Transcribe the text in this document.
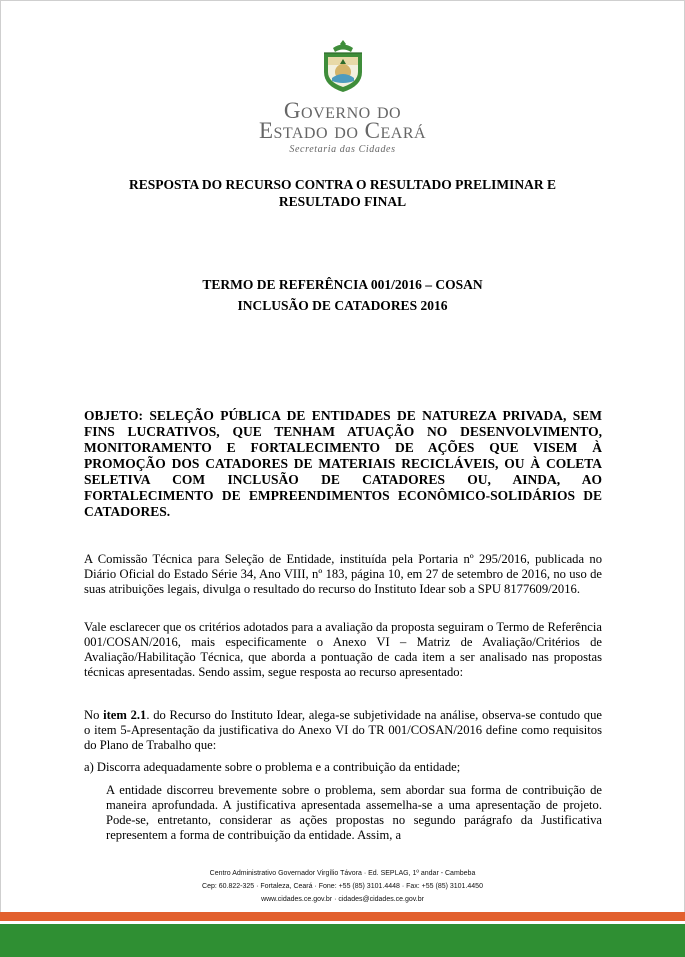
Governo do
Estado do Ceará
Secretaria das Cidades
RESPOSTA DO RECURSO CONTRA O RESULTADO PRELIMINAR E
RESULTADO FINAL
TERMO DE REFERÊNCIA 001/2016 – COSAN
INCLUSÃO DE CATADORES 2016
OBJETO: SELEÇÃO PÚBLICA DE ENTIDADES DE NATUREZA PRIVADA, SEM FINS LUCRATIVOS, QUE TENHAM ATUAÇÃO NO DESENVOLVIMENTO, MONITORAMENTO E FORTALECIMENTO DE AÇÕES QUE VISEM À PROMOÇÃO DOS CATADORES DE MATERIAIS RECICLÁVEIS, OU À COLETA SELETIVA COM INCLUSÃO DE CATADORES OU, AINDA, AO FORTALECIMENTO DE EMPREENDIMENTOS ECONÔMICO-SOLIDÁRIOS DE CATADORES.
A Comissão Técnica para Seleção de Entidade, instituída pela Portaria nº 295/2016, publicada no Diário Oficial do Estado Série 34, Ano VIII, nº 183, página 10, em 27 de setembro de 2016, no uso de suas atribuições legais, divulga o resultado do recurso do Instituto Idear sob a SPU 8177609/2016.
Vale esclarecer que os critérios adotados para a avaliação da proposta seguiram o Termo de Referência 001/COSAN/2016, mais especificamente o Anexo VI – Matriz de Avaliação/Critérios de Avaliação/Habilitação Técnica, que aborda a pontuação de cada item a ser analisado nas propostas técnicas apresentadas. Sendo assim, segue resposta ao recurso apresentado:
No item 2.1. do Recurso do Instituto Idear, alega-se subjetividade na análise, observa-se contudo que o item 5-Apresentação da justificativa do Anexo VI do TR 001/COSAN/2016 define como requisitos do Plano de Trabalho que:
a) Discorra adequadamente sobre o problema e a contribuição da entidade;
A entidade discorreu brevemente sobre o problema, sem abordar sua forma de contribuição de maneira aprofundada. A justificativa apresentada assemelha-se a uma apresentação de projeto. Pode-se, entretanto, considerar as ações propostas no segundo parágrafo da Justificativa representem a forma de contribuição da entidade. Assim, a
Centro Administrativo Governador Virgílio Távora · Ed. SEPLAG, 1º andar - Cambeba
Cep: 60.822-325 · Fortaleza, Ceará · Fone: +55 (85) 3101.4448 · Fax: +55 (85) 3101.4450
www.cidades.ce.gov.br · cidades@cidades.ce.gov.br
